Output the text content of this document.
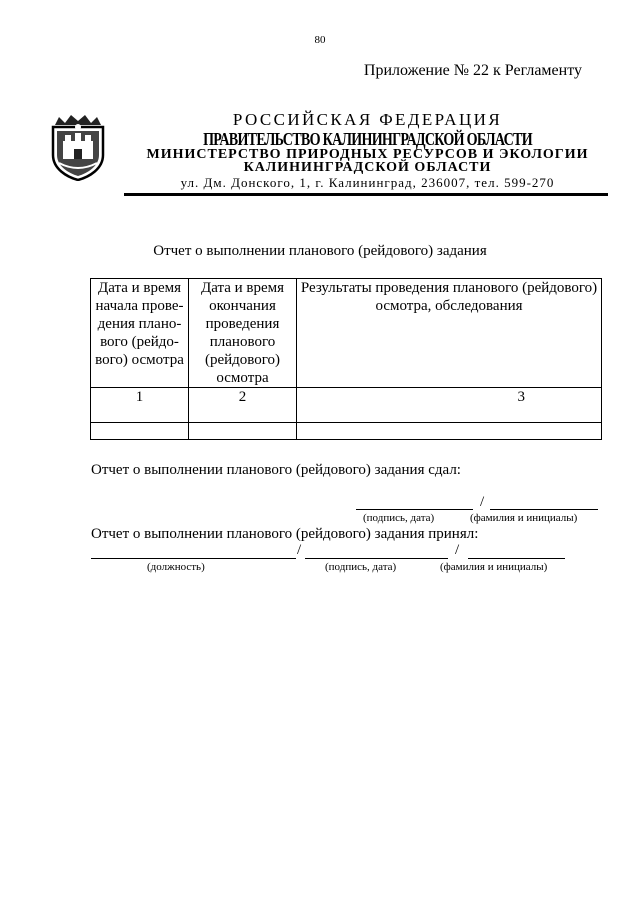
80
Приложение № 22 к Регламенту
РОССИЙСКАЯ ФЕДЕРАЦИЯ
ПРАВИТЕЛЬСТВО КАЛИНИНГРАДСКОЙ ОБЛАСТИ
МИНИСТЕРСТВО ПРИРОДНЫХ РЕСУРСОВ И ЭКОЛОГИИ
КАЛИНИНГРАДСКОЙ ОБЛАСТИ
ул. Дм. Донского, 1, г. Калининград, 236007, тел. 599-270
Отчет о выполнении планового (рейдового) задания
Дата и время начала прове-дения плано-вого (рейдо-вого) осмотра	Дата и время окончания проведения планового (рейдового) осмотра	Результаты проведения планового (рейдового) осмотра, обследования
1	2	3

Отчет о выполнении планового (рейдового) задания сдал:
/
(подпись, дата)	(фамилия и инициалы)
Отчет о выполнении планового (рейдового) задания принял:
/	/
(должность)	(подпись, дата)	(фамилия и инициалы)
